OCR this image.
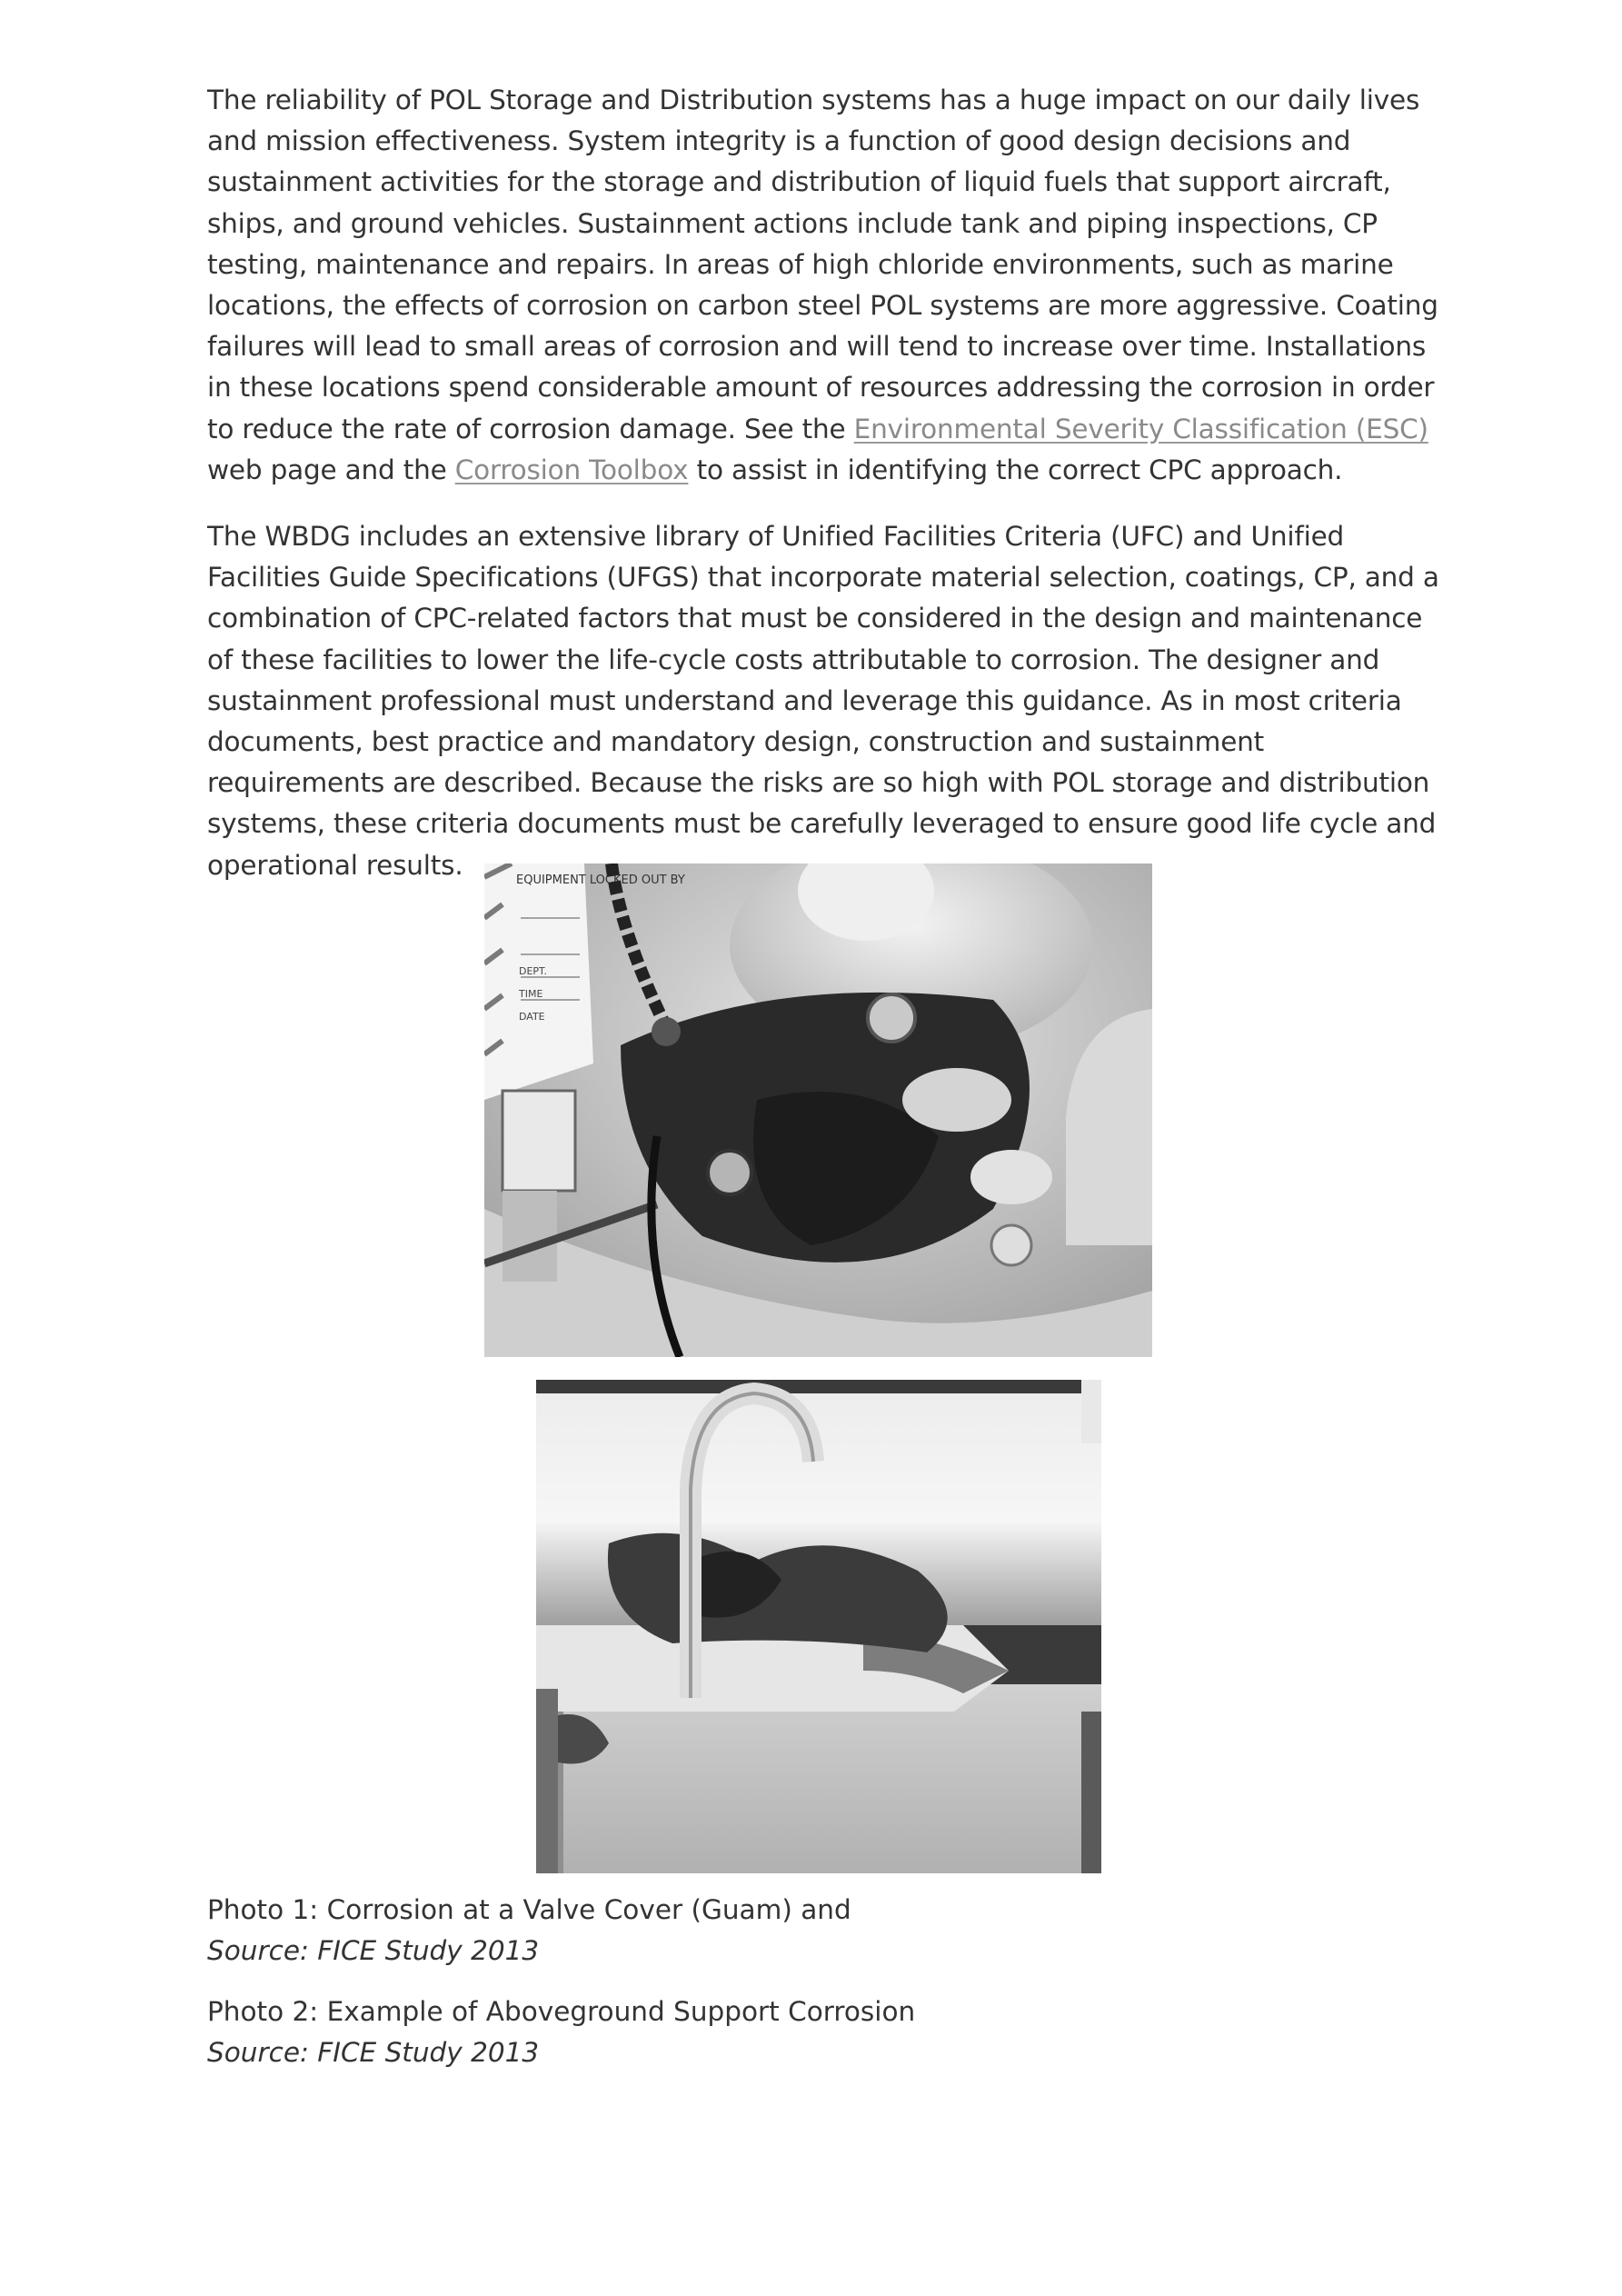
The reliability of POL Storage and Distribution systems has a huge impact on our daily lives and mission effectiveness. System integrity is a function of good design decisions and sustainment activities for the storage and distribution of liquid fuels that support aircraft, ships, and ground vehicles. Sustainment actions include tank and piping inspections, CP testing, maintenance and repairs. In areas of high chloride environments, such as marine locations, the effects of corrosion on carbon steel POL systems are more aggressive. Coating failures will lead to small areas of corrosion and will tend to increase over time. Installations in these locations spend considerable amount of resources addressing the corrosion in order to reduce the rate of corrosion damage. See the Environmental Severity Classification (ESC) web page and the Corrosion Toolbox to assist in identifying the correct CPC approach.

The WBDG includes an extensive library of Unified Facilities Criteria (UFC) and Unified Facilities Guide Specifications (UFGS) that incorporate material selection, coatings, CP, and a combination of CPC-related factors that must be considered in the design and maintenance of these facilities to lower the life-cycle costs attributable to corrosion. The designer and sustainment professional must understand and leverage this guidance. As in most criteria documents, best practice and mandatory design, construction and sustainment requirements are described. Because the risks are so high with POL storage and distribution systems, these criteria documents must be carefully leveraged to ensure good life cycle and operational results.	EQUIPMENT LOCKED OUT BY
DEPT.
TIME
DATE
Photo 1: Corrosion at a Valve Cover (Guam) and
Source: FICE Study 2013
Photo 2: Example of Aboveground Support Corrosion
Source: FICE Study 2013
